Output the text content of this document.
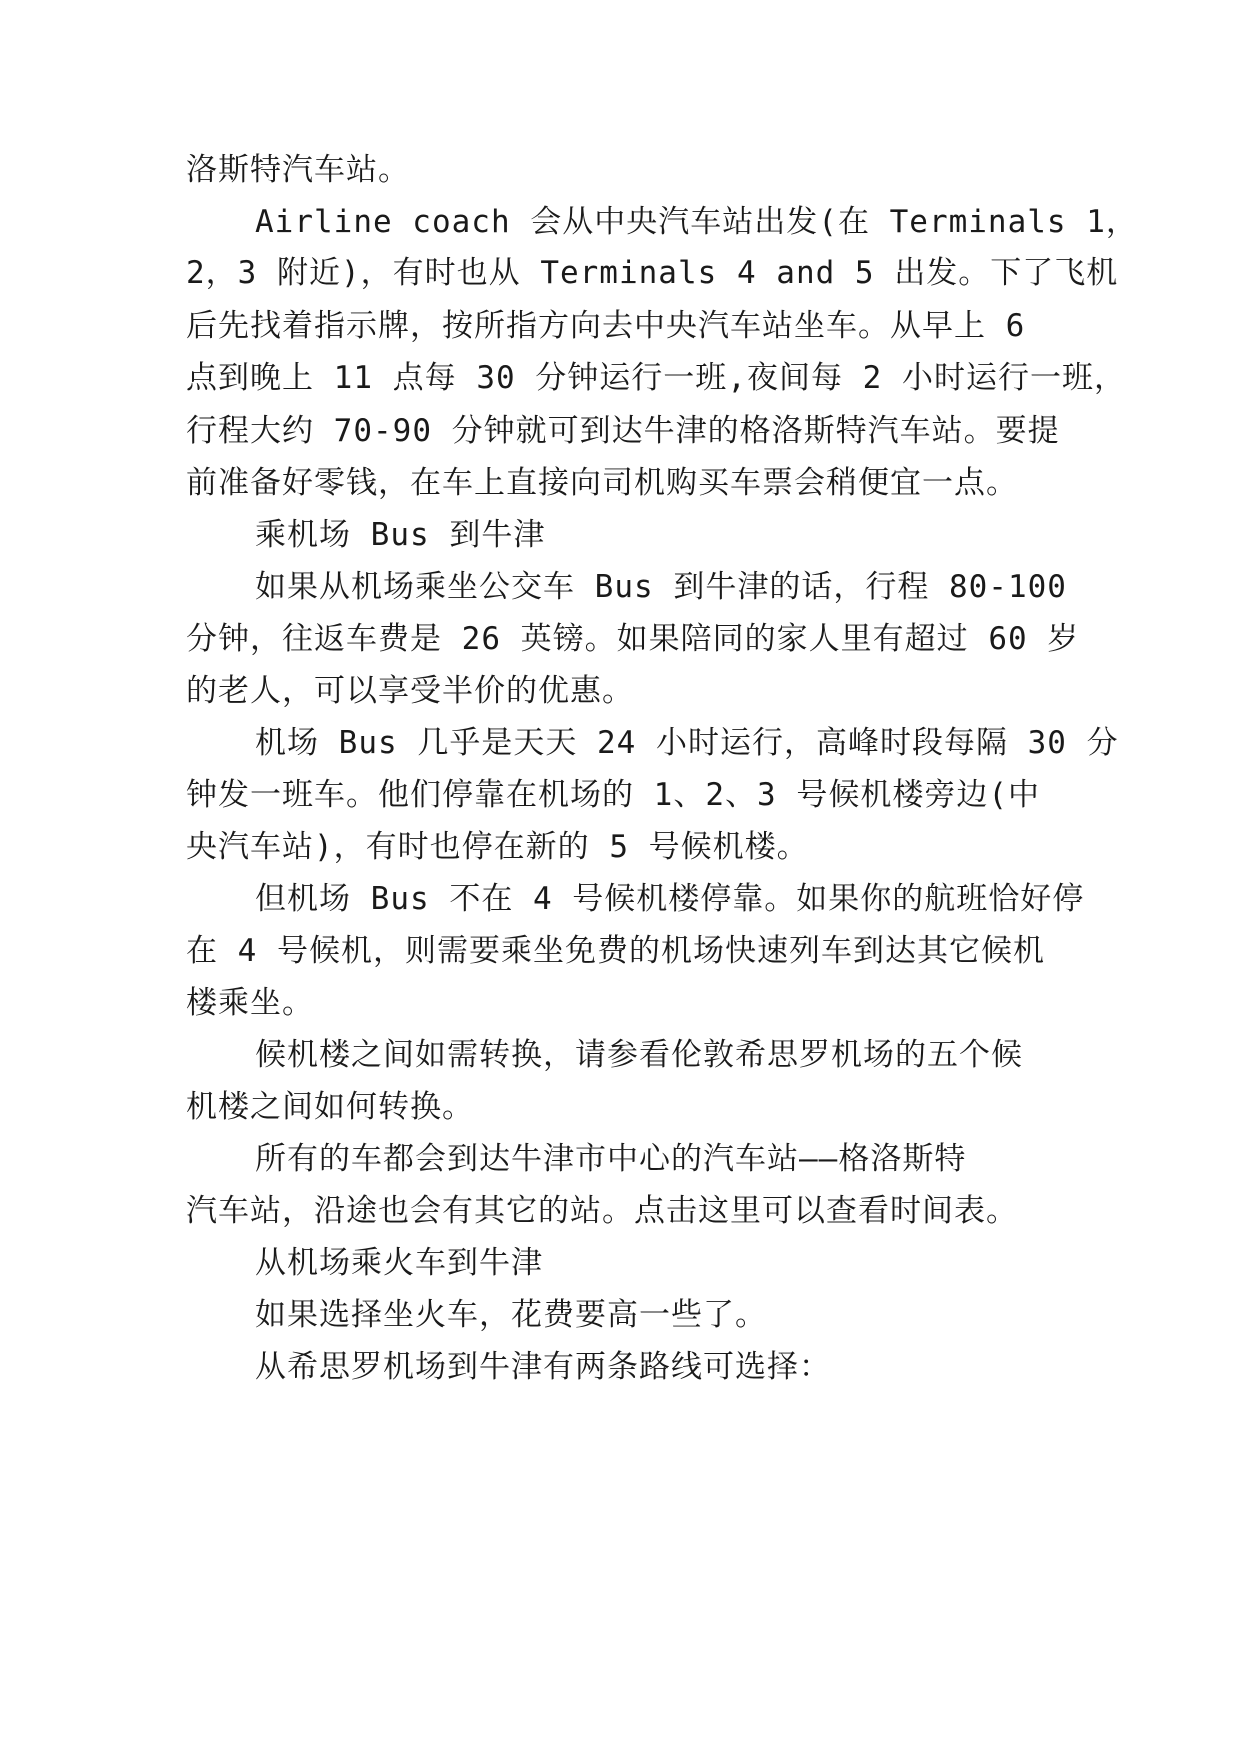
洛斯特汽车站。
Airline coach 会从中央汽车站出发(在 Terminals 1，
2，3 附近)，有时也从 Terminals 4 and 5 出发。下了飞机
后先找着指示牌，按所指方向去中央汽车站坐车。从早上 6
点到晚上 11 点每 30 分钟运行一班,夜间每 2 小时运行一班，
行程大约 70-90 分钟就可到达牛津的格洛斯特汽车站。要提
前准备好零钱，在车上直接向司机购买车票会稍便宜一点。
乘机场 Bus 到牛津
如果从机场乘坐公交车 Bus 到牛津的话，行程 80-100
分钟，往返车费是 26 英镑。如果陪同的家人里有超过 60 岁
的老人，可以享受半价的优惠。
机场 Bus 几乎是天天 24 小时运行，高峰时段每隔 30 分
钟发一班车。他们停靠在机场的 1、2、3 号候机楼旁边(中
央汽车站)，有时也停在新的 5 号候机楼。
但机场 Bus 不在 4 号候机楼停靠。如果你的航班恰好停
在 4 号候机，则需要乘坐免费的机场快速列车到达其它候机
楼乘坐。
候机楼之间如需转换，请参看伦敦希思罗机场的五个候
机楼之间如何转换。
所有的车都会到达牛津市中心的汽车站——格洛斯特
汽车站，沿途也会有其它的站。点击这里可以查看时间表。
从机场乘火车到牛津
如果选择坐火车，花费要高一些了。
从希思罗机场到牛津有两条路线可选择：
